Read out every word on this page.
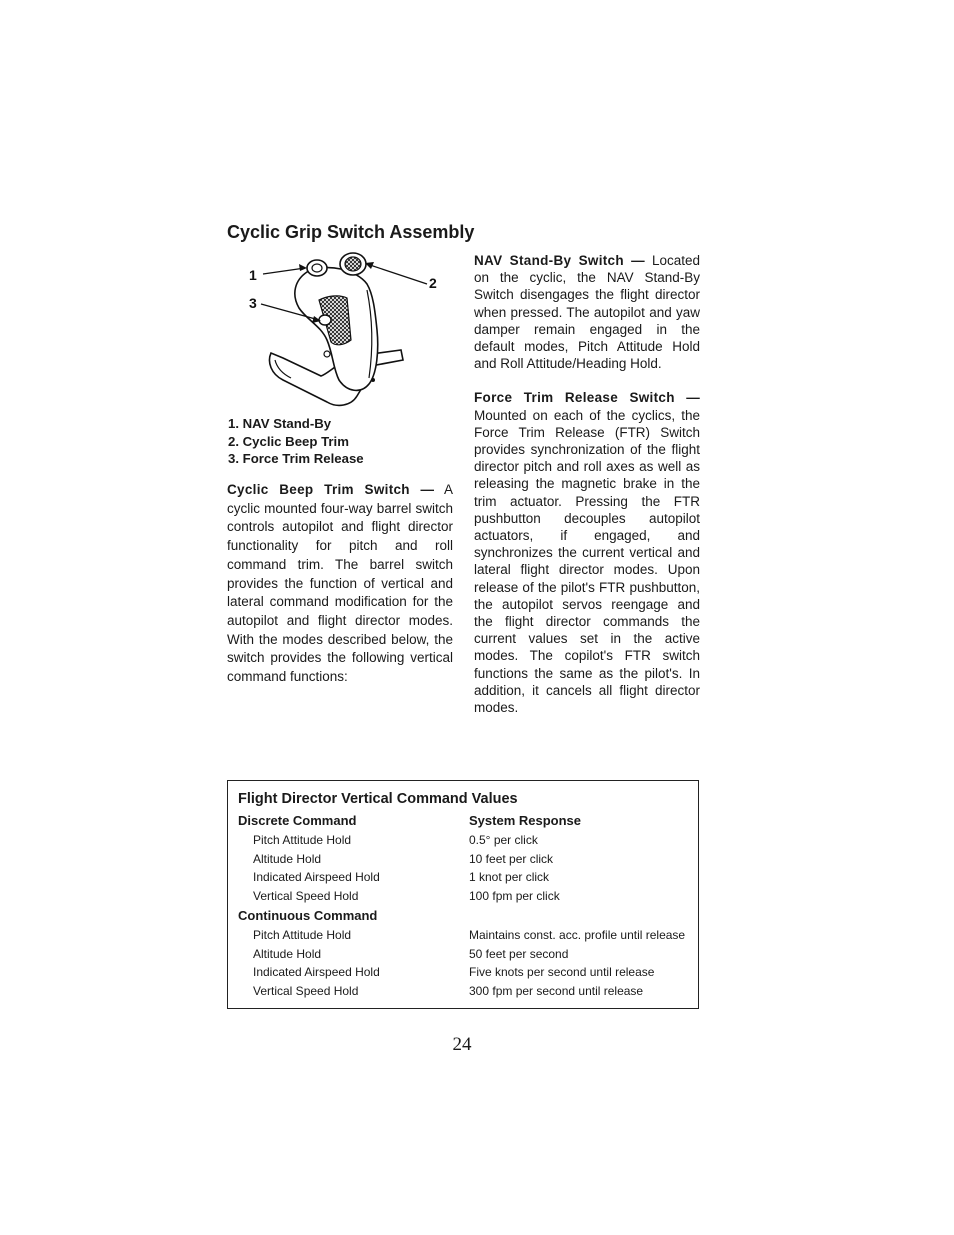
Cyclic Grip Switch Assembly
1	2
3
1. NAV Stand-By
2. Cyclic Beep Trim
3. Force Trim Release
Cyclic Beep Trim Switch — A cyclic mounted four-way barrel switch controls autopilot and flight director functionality for pitch and roll command trim. The barrel switch provides the function of vertical and lateral command modification for the autopilot and flight director modes. With the modes described below, the switch provides the following vertical command functions:

NAV Stand-By Switch — Located on the cyclic, the NAV Stand-By Switch disengages the flight director when pressed. The autopilot and yaw damper remain engaged in the default modes, Pitch Attitude Hold and Roll Attitude/Heading Hold.

Force Trim Release Switch — Mounted on each of the cyclics, the Force Trim Release (FTR) Switch provides synchronization of the flight director pitch and roll axes as well as releasing the magnetic brake in the trim actuator. Pressing the FTR pushbutton decouples autopilot actuators, if engaged, and synchronizes the current vertical and lateral flight director modes. Upon release of the pilot's FTR pushbutton, the autopilot servos reengage and the flight director commands the current values set in the active modes. The copilot's FTR switch functions the same as the pilot's. In addition, it cancels all flight director modes.

Flight Director Vertical Command Values
Discrete Command	System Response
Pitch Attitude Hold	0.5° per click
Altitude Hold	10 feet per click
Indicated Airspeed Hold	1 knot per click
Vertical Speed Hold	100 fpm per click
Continuous Command
Pitch Attitude Hold	Maintains const. acc. profile until release
Altitude Hold	50 feet per second
Indicated Airspeed Hold	Five knots per second until release
Vertical Speed Hold	300 fpm per second until release
24
